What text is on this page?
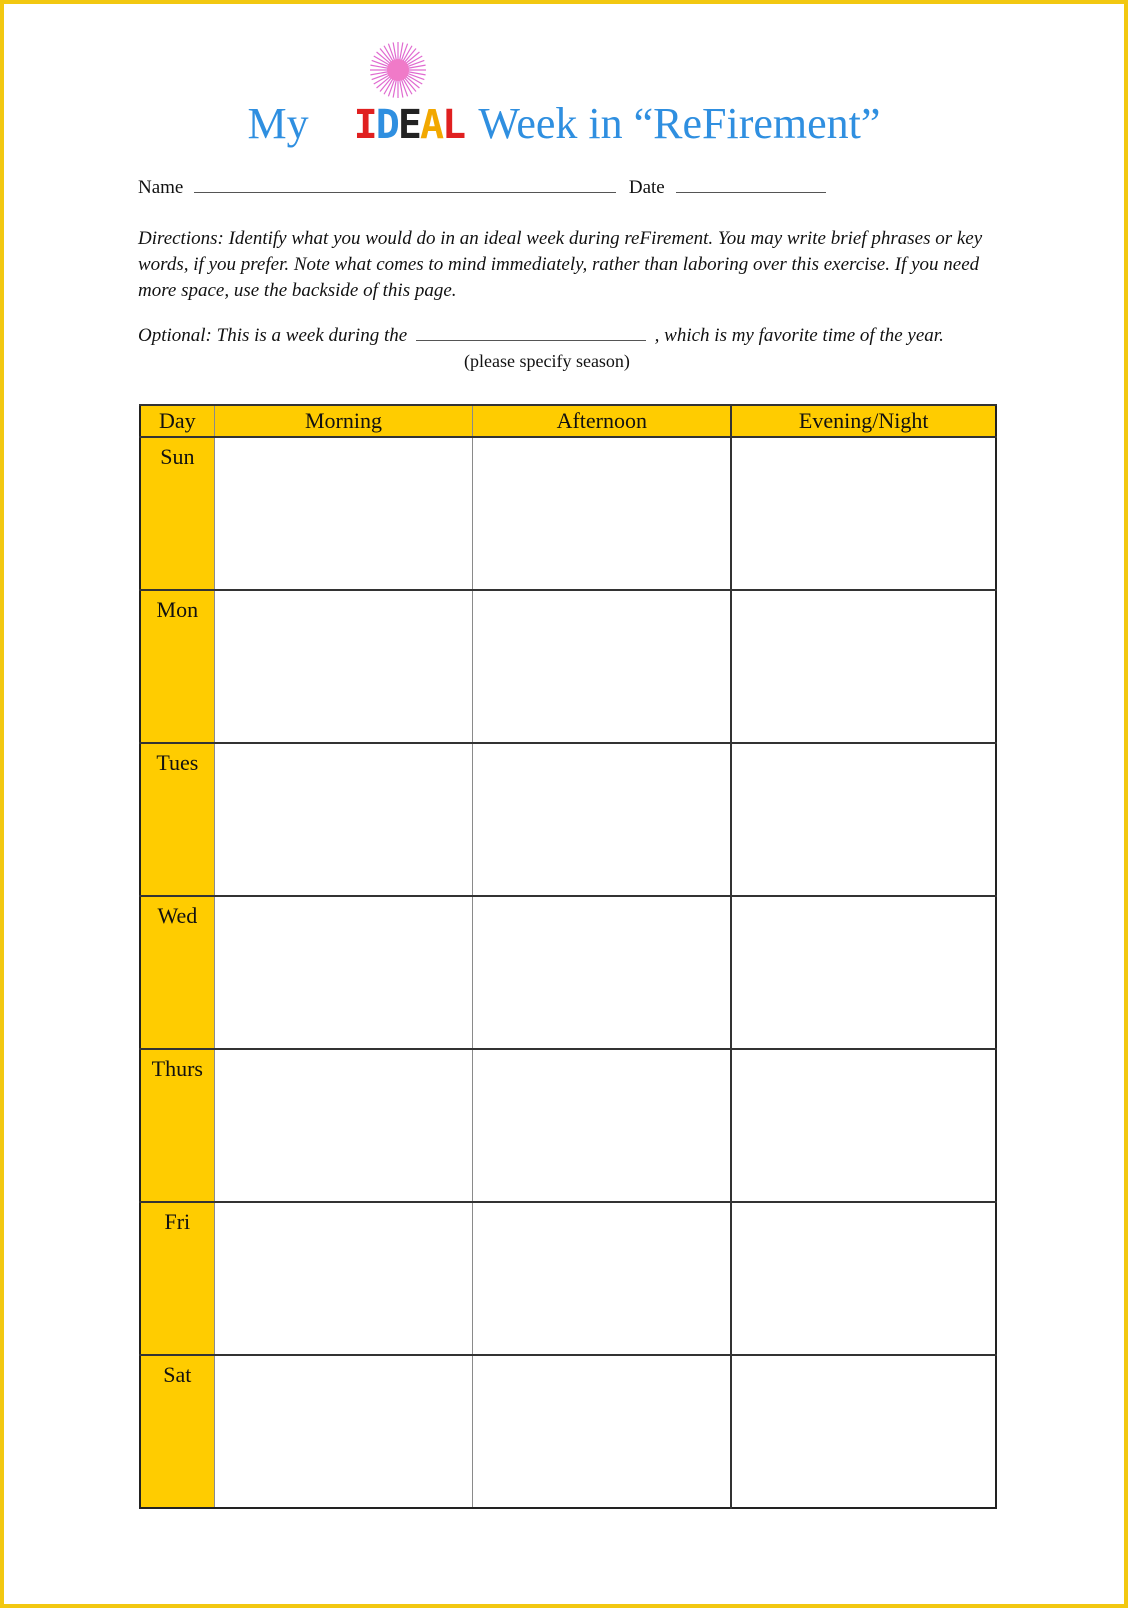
My IDEAL Week in “ReFirement”
Name	Date
Directions: Identify what you would do in an ideal week during reFirement. You may write brief phrases or key words, if you prefer. Note what comes to mind immediately, rather than laboring over this exercise. If you need more space, use the backside of this page.
Optional: This is a week during the	, which is my favorite time of the year.
(please specify season)
Day	Morning	Afternoon	Evening/Night
Sun			
Mon			
Tues			
Wed			
Thurs			
Fri			
Sat			
